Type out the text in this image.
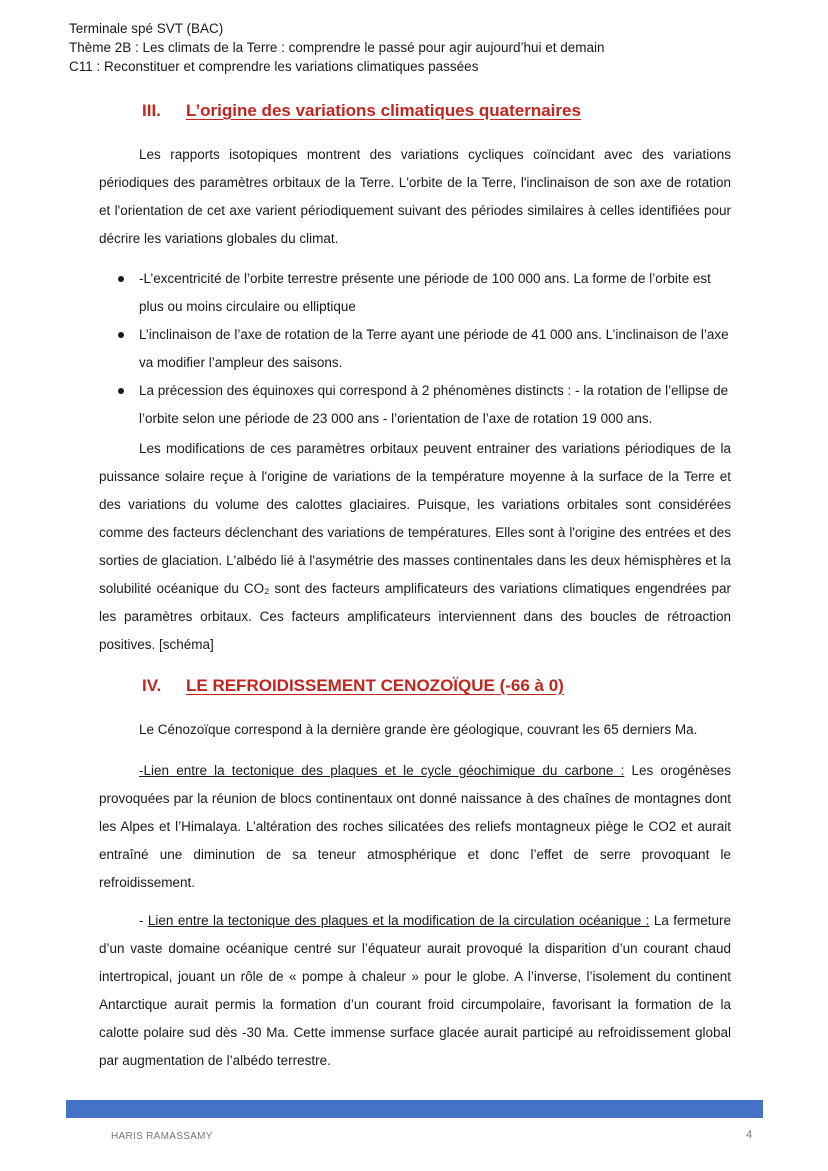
Terminale spé SVT (BAC)
Thème 2B : Les climats de la Terre : comprendre le passé pour agir aujourd’hui et demain
C11 : Reconstituer et comprendre les variations climatiques passées
III.	L’origine des variations climatiques quaternaires

Les rapports isotopiques montrent des variations cycliques coïncidant avec des variations périodiques des paramètres orbitaux de la Terre. L'orbite de la Terre, l'inclinaison de son axe de rotation et l'orientation de cet axe varient périodiquement suivant des périodes similaires à celles identifiées pour décrire les variations globales du climat.

-L’excentricité de l’orbite terrestre présente une période de 100 000 ans. La forme de l’orbite est plus ou moins circulaire ou elliptique
L’inclinaison de l’axe de rotation de la Terre ayant une période de 41 000 ans. L’inclinaison de l’axe va modifier l’ampleur des saisons.
La précession des équinoxes qui correspond à 2 phénomènes distincts : - la rotation de l’ellipse de l’orbite selon une période de 23 000 ans - l’orientation de l’axe de rotation 19 000 ans.

Les modifications de ces paramètres orbitaux peuvent entrainer des variations périodiques de la puissance solaire reçue à l'origine de variations de la température moyenne à la surface de la Terre et des variations du volume des calottes glaciaires. Puisque, les variations orbitales sont considérées comme des facteurs déclenchant des variations de températures. Elles sont à l'origine des entrées et des sorties de glaciation. L'albédo lié à l'asymétrie des masses continentales dans les deux hémisphères et la solubilité océanique du CO₂ sont des facteurs amplificateurs des variations climatiques engendrées par les paramètres orbitaux. Ces facteurs amplificateurs interviennent dans des boucles de rétroaction positives. [schéma]

IV.	LE REFROIDISSEMENT CENOZOÏQUE (-66 à 0)

Le Cénozoïque correspond à la dernière grande ère géologique, couvrant les 65 derniers Ma.

-Lien entre la tectonique des plaques et le cycle géochimique du carbone : Les orogénèses provoquées par la réunion de blocs continentaux ont donné naissance à des chaînes de montagnes dont les Alpes et l’Himalaya. L’altération des roches silicatées des reliefs montagneux piège le CO2 et aurait entraîné une diminution de sa teneur atmosphérique et donc l’effet de serre provoquant le refroidissement.

- Lien entre la tectonique des plaques et la modification de la circulation océanique : La fermeture d’un vaste domaine océanique centré sur l’équateur aurait provoqué la disparition d’un courant chaud intertropical, jouant un rôle de « pompe à chaleur » pour le globe. A l’inverse, l’isolement du continent Antarctique aurait permis la formation d’un courant froid circumpolaire, favorisant la formation de la calotte polaire sud dès -30 Ma. Cette immense surface glacée aurait participé au refroidissement global par augmentation de l’albédo terrestre.

HARIS RAMASSAMY	4
